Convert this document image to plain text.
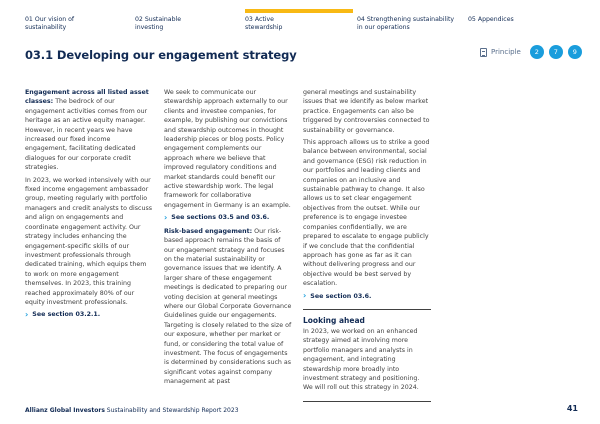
01 Our vision of
sustainability
02 Sustainable
investing
03 Active
stewardship
04 Strengthening sustainability
in our operations
05 Appendices
03.1 Developing our engagement strategy	Principle	2	7	9

Engagement across all listed asset classes: The bedrock of our engagement activities comes from our heritage as an active equity manager. However, in recent years we have increased our fixed income engagement, facilitating dedicated dialogues for our corporate credit strategies.

In 2023, we worked intensively with our fixed income engagement ambassador group, meeting regularly with portfolio managers and credit analysts to discuss and align on engagements and coordinate engagement activity. Our strategy includes enhancing the engagement-specific skills of our investment professionals through dedicated training, which equips them to work on more engagement themselves. In 2023, this training reached approximately 80% of our equity investment professionals.

› See section 03.2.1.

We seek to communicate our stewardship approach externally to our clients and investee companies, for example, by publishing our convictions and stewardship outcomes in thought leadership pieces or blog posts. Policy engagement complements our approach where we believe that improved regulatory conditions and market standards could benefit our active stewardship work. The legal framework for collaborative engagement in Germany is an example.

› See sections 03.5 and 03.6.

Risk-based engagement: Our risk-based approach remains the basis of our engagement strategy and focuses on the material sustainability or governance issues that we identify. A larger share of these engagement meetings is dedicated to preparing our voting decision at general meetings where our Global Corporate Governance Guidelines guide our engagements. Targeting is closely related to the size of our exposure, whether per market or fund, or considering the total value of investment. The focus of engagements is determined by considerations such as significant votes against company management at past

general meetings and sustainability issues that we identify as below market practice. Engagements can also be triggered by controversies connected to sustainability or governance.

This approach allows us to strike a good balance between environmental, social and governance (ESG) risk reduction in our portfolios and leading clients and companies on an inclusive and sustainable pathway to change. It also allows us to set clear engagement objectives from the outset. While our preference is to engage investee companies confidentially, we are prepared to escalate to engage publicly if we conclude that the confidential approach has gone as far as it can without delivering progress and our objective would be best served by escalation.

› See section 03.6.
Looking ahead

In 2023, we worked on an enhanced strategy aimed at involving more portfolio managers and analysts in engagement, and integrating stewardship more broadly into investment strategy and positioning. We will roll out this strategy in 2024.

Allianz Global Investors Sustainability and Stewardship Report 2023	41
